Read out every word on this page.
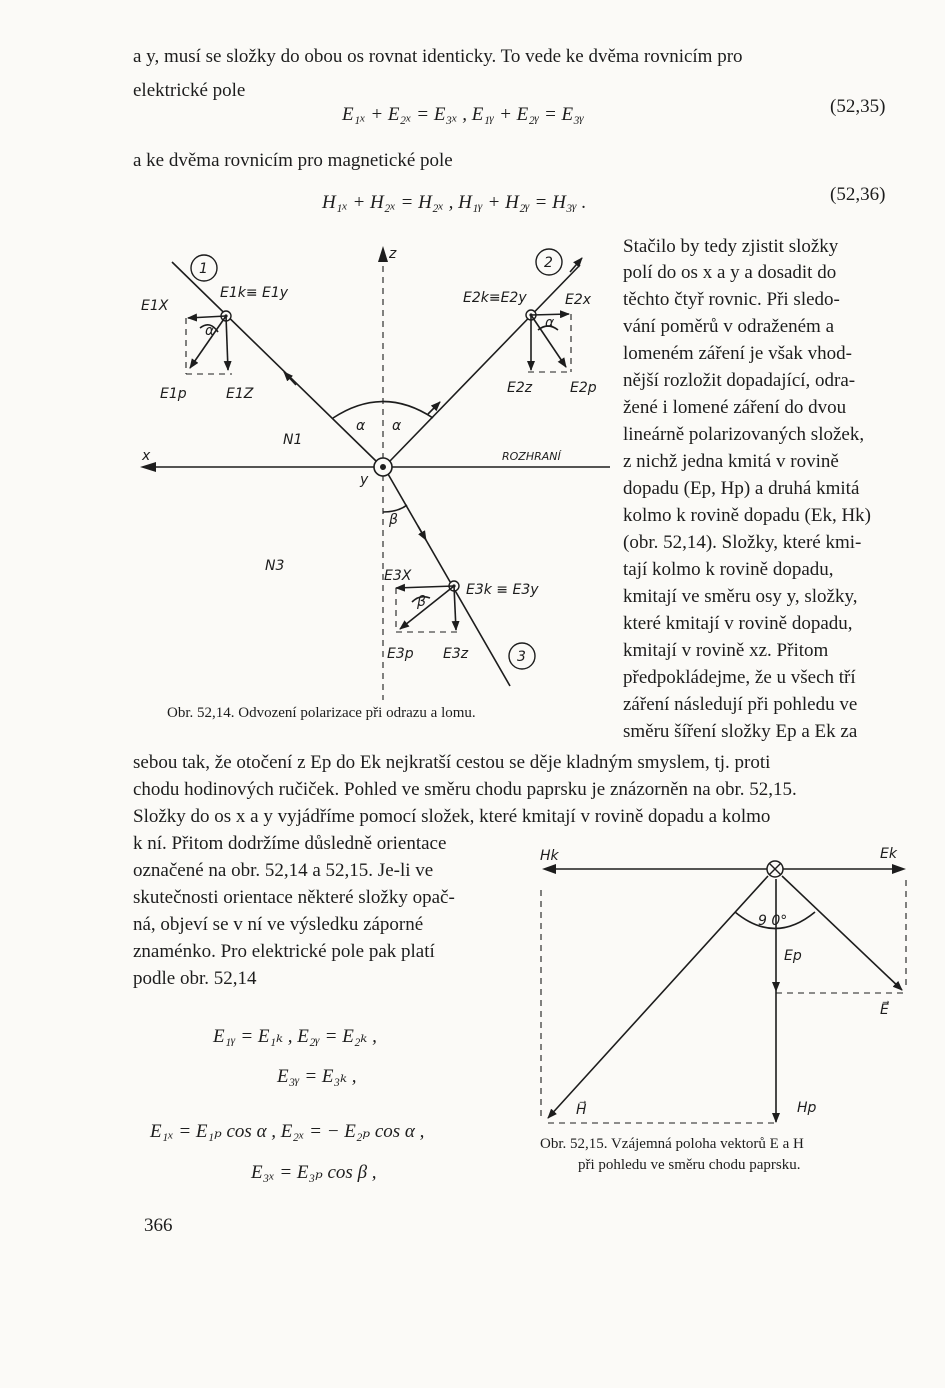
a y, musí se složky do obou os rovnat identicky. To vede ke dvěma rovnicím pro
elektrické pole
E₁ₓ + E₂ₓ = E₃ₓ , E₁ᵧ + E₂ᵧ = E₃ᵧ	(52,35)
a ke dvěma rovnicím pro magnetické pole
H₁ₓ + H₂ₓ = H₂ₓ , H₁ᵧ + H₂ᵧ = H₃ᵧ .	(52,36)
Stačilo by tedy zjistit složky
polí do os x a y a dosadit do
těchto čtyř rovnic. Při sledo-
vání poměrů v odraženém a
lomeném záření je však vhod-
nější rozložit dopadající, odra-
žené i lomené záření do dvou
lineárně polarizovaných složek,
z nichž jedna kmitá v rovině
dopadu (Ep, Hp) a druhá kmitá
kolmo k rovině dopadu (Ek, Hk)
(obr. 52,14). Složky, které kmi-
tají kolmo k rovině dopadu,
kmitají ve směru osy y, složky,
které kmitají v rovině dopadu,
kmitají v rovině xz. Přitom
předpokládejme, že u všech tří
záření následují při pohledu ve
směru šíření složky Ep a Ek za
1	2
3
z
x
y
E1X
E1k≡ E1y
E1p	E1Z
E2k≡E2y	E2x
E2z	E2p
E3X
E3k ≡ E3y
E3p E3z
α	α
α α
β
β
N1
N3
ROZHRANÍ
Obr. 52,14. Odvození polarizace při odrazu a lomu.
sebou tak, že otočení z Ep do Ek nejkratší cestou se děje kladným smyslem, tj. proti
chodu hodinových ručiček. Pohled ve směru chodu paprsku je znázorněn na obr. 52,15.
Složky do os x a y vyjádříme pomocí složek, které kmitají v rovině dopadu a kolmo
k ní. Přitom dodržíme důsledně orientace
označené na obr. 52,14 a 52,15. Je-li ve
skutečnosti orientace některé složky opač-
ná, objeví se v ní ve výsledku záporné
znaménko. Pro elektrické pole pak platí
podle obr. 52,14
E₁ᵧ = E₁ₖ , E₂ᵧ = E₂ₖ ,
E₃ᵧ = E₃ₖ ,
E₁ₓ = E₁ₚ cos α , E₂ₓ = − E₂ₚ cos α ,
E₃ₓ = E₃ₚ cos β ,
Hk	Ek
9 0°
Ep
E⃗
H⃗	Hp
Obr. 52,15. Vzájemná poloha vektorů E a H
při pohledu ve směru chodu paprsku.
366
